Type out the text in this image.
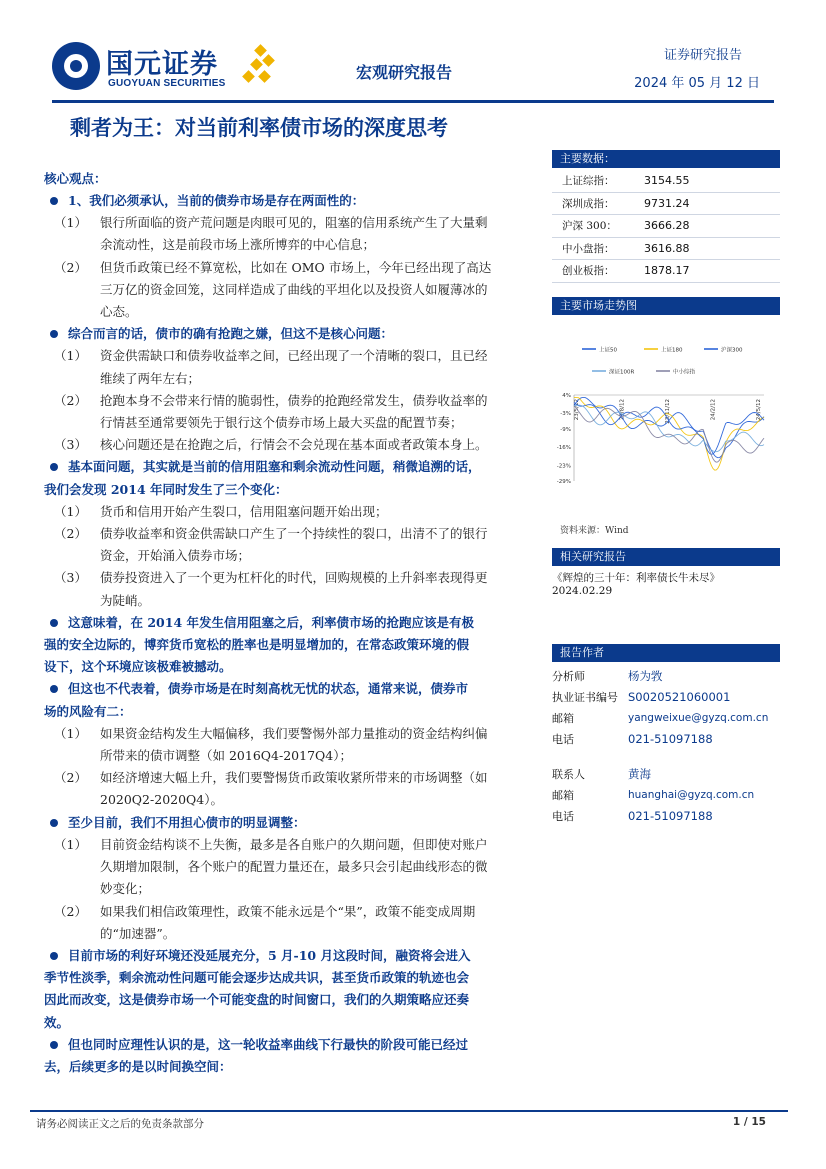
国元证券
GUOYUAN SECURITIES
宏观研究报告
证券研究报告
2024 年 05 月 12 日
剩者为王：对当前利率债市场的深度思考
核心观点：
1、我们必须承认，当前的债券市场是存在两面性的：
（1） 银行所面临的资产荒问题是肉眼可见的，阻塞的信用系统产生了大量剩
余流动性，这是前段市场上涨所博弈的中心信息；
（2） 但货币政策已经不算宽松，比如在 OMO 市场上，今年已经出现了高达
三万亿的资金回笼，这同样造成了曲线的平坦化以及投资人如履薄冰的
心态。
综合而言的话，债市的确有抢跑之嫌，但这不是核心问题：
（1） 资金供需缺口和债券收益率之间，已经出现了一个清晰的裂口，且已经
维续了两年左右；
（2） 抢跑本身不会带来行情的脆弱性，债券的抢跑经常发生，债券收益率的
行情甚至通常要领先于银行这个债券市场上最大买盘的配置节奏；
（3） 核心问题还是在抢跑之后，行情会不会兑现在基本面或者政策本身上。
基本面问题，其实就是当前的信用阻塞和剩余流动性问题，稍微追溯的话，
我们会发现 2014 年同时发生了三个变化：
（1） 货币和信用开始产生裂口，信用阻塞问题开始出现；
（2） 债券收益率和资金供需缺口产生了一个持续性的裂口，出清不了的银行
资金，开始涌入债券市场；
（3） 债券投资进入了一个更为杠杆化的时代，回购规模的上升斜率表现得更
为陡峭。
这意味着，在 2014 年发生信用阻塞之后，利率债市场的抢跑应该是有极
强的安全边际的，博弈货币宽松的胜率也是明显增加的，在常态政策环境的假
设下，这个环境应该极难被撼动。
但这也不代表着，债券市场是在时刻高枕无忧的状态，通常来说，债券市
场的风险有二：
（1） 如果资金结构发生大幅偏移，我们要警惕外部力量推动的资金结构纠偏
所带来的债市调整（如 2016Q4-2017Q4）；
（2） 如经济增速大幅上升，我们要警惕货币政策收紧所带来的市场调整（如
2020Q2-2020Q4）。
至少目前，我们不用担心债市的明显调整：
（1） 目前资金结构谈不上失衡，最多是各自账户的久期问题，但即使对账户
久期增加限制，各个账户的配置力量还在，最多只会引起曲线形态的微
妙变化；
（2） 如果我们相信政策理性，政策不能永远是个“果”，政策不能变成周期
的“加速器”。
目前市场的利好环境还没延展充分，5 月-10 月这段时间，融资将会进入
季节性淡季，剩余流动性问题可能会逐步达成共识，甚至货币政策的轨迹也会
因此而改变，这是债券市场一个可能变盘的时间窗口，我们的久期策略应还奏
效。
但也同时应理性认识的是，这一轮收益率曲线下行最快的阶段可能已经过
去，后续更多的是以时间换空间：
主要数据：
上证综指：	3154.55
深圳成指：	9731.24
沪深 300：	3666.28
中小盘指：	3616.88
创业板指：	1878.17
主要市场走势图
上证50	上证180	沪深300
深证100R	中小综指
4%
-3%
-9%
-16%
-23%
-29%
23/5/12	23/8/12	23/11/12	24/2/12	24/5/12
资料来源：Wind
相关研究报告
《辉煌的三十年：利率债长牛未尽》2024.02.29
报告作者
分析师	杨为敩
执业证书编号 S0020521060001
邮箱	yangweixue@gyzq.com.cn
电话	021-51097188
联系人	黄海
邮箱	huanghai@gyzq.com.cn
电话	021-51097188
请务必阅读正文之后的免责条款部分	1 / 15
